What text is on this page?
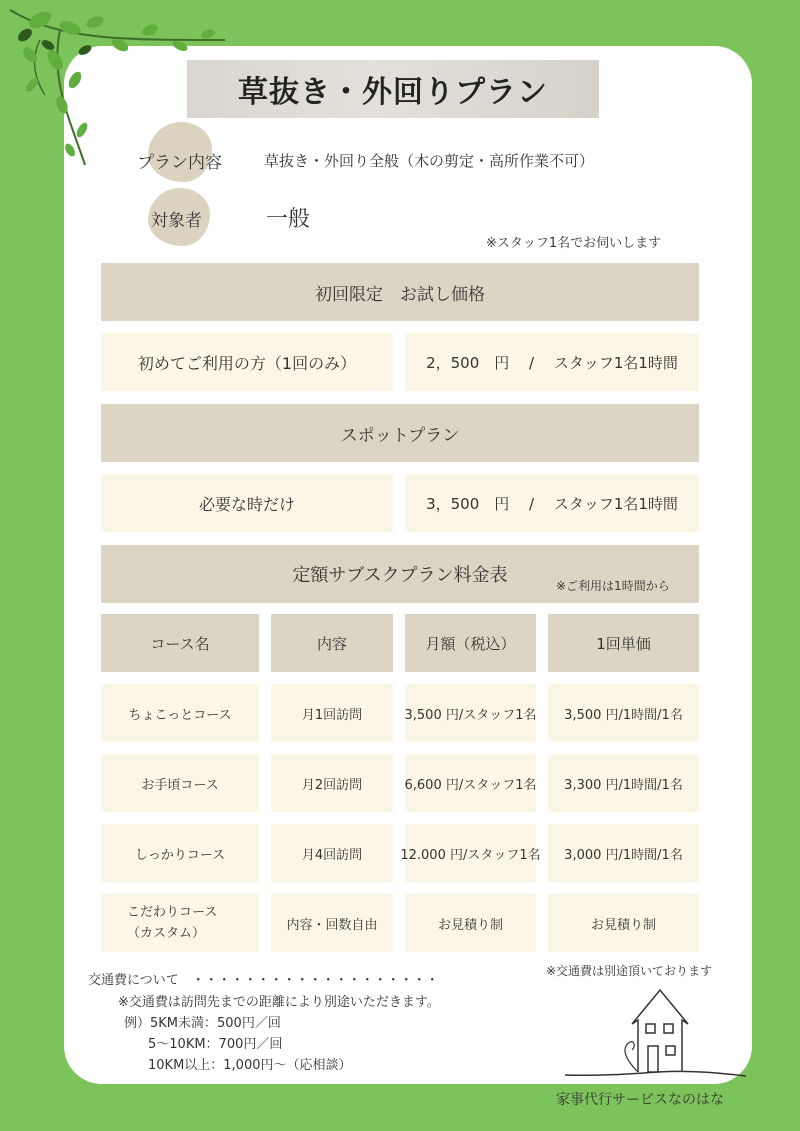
草抜き・外回りプラン
プラン内容	草抜き・外回り全般（木の剪定・高所作業不可）
対象者	一般
※スタッフ1名でお伺いします
初回限定　お試し価格
初めてご利用の方（1回のみ）	2，500　円　 /　 スタッフ1名1時間
スポットプラン
必要な時だけ	3，500　円　 /　 スタッフ1名1時間
定額サブスクプラン料金表	※ご利用は1時間から
コース名	内容	月額（税込）	1回単価
ちょこっとコース	月1回訪問	3,500 円/スタッフ1名	3,500 円/1時間/1名
お手頃コース	月2回訪問	6,600 円/スタッフ1名	3,300 円/1時間/1名
しっかりコース	月4回訪問	12.000 円/スタッフ1名	3,000 円/1時間/1名
こだわりコース
（カスタム）
内容・回数自由	お見積り制	お見積り制
※交通費は別途頂いております
交通費について　・・・・・・・・・・・・・・・・・・・
※交通費は訪問先までの距離により別途いただきます。
例）5KM未満：500円／回
5～10KM：700円／回
10KM以上：1,000円～（応相談）
家事代行サービスなのはな
